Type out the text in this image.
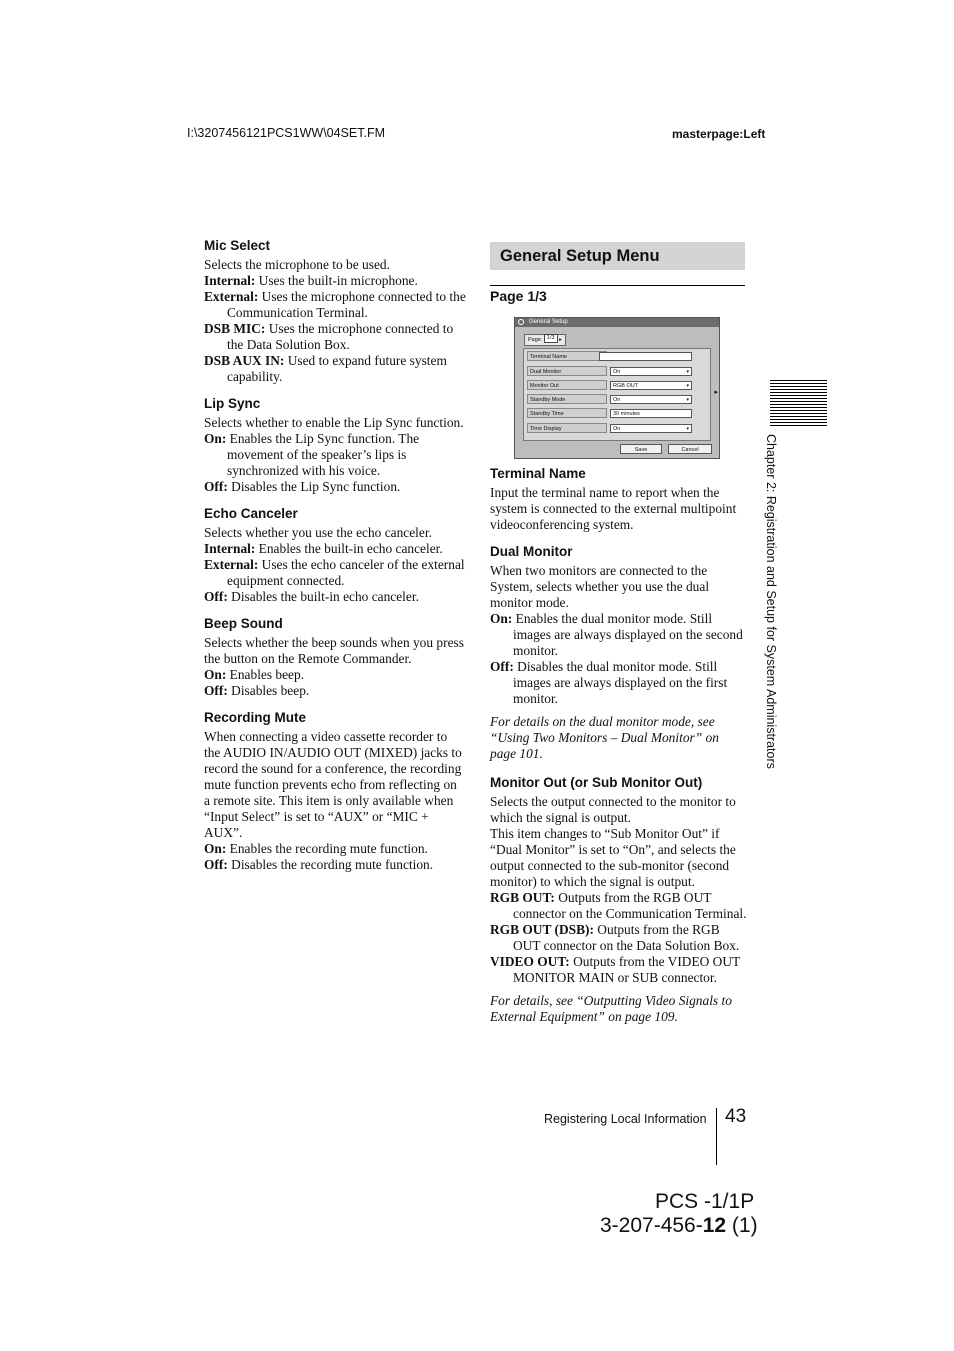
I:\3207456121PCS1WW\04SET.FM	masterpage:Left
Mic Select

Selects the microphone to be used.

Internal: Uses the built-in microphone.

External: Uses the microphone connected to the Communication Terminal.

DSB MIC: Uses the microphone connected to the Data Solution Box.

DSB AUX IN: Used to expand future system capability.

Lip Sync

Selects whether to enable the Lip Sync function.

On: Enables the Lip Sync function. The movement of the speaker’s lips is synchronized with his voice.

Off: Disables the Lip Sync function.

Echo Canceler

Selects whether you use the echo canceler.

Internal: Enables the built-in echo canceler.

External: Uses the echo canceler of the external equipment connected.

Off: Disables the built-in echo canceler.

Beep Sound

Selects whether the beep sounds when you press the button on the Remote Commander.

On: Enables beep.

Off: Disables beep.

Recording Mute

When connecting a video cassette recorder to the AUDIO IN/AUDIO OUT (MIXED) jacks to record the sound for a conference, the recording mute function prevents echo from reflecting on a remote site. This item is only available when “Input Select” is set to “AUX” or “MIC + AUX”.

On: Enables the recording mute function.

Off: Disables the recording mute function.

General Setup Menu
Page 1/3
General Setup
Page: 1/3 ▸
Terminal Name
Dual Monitor	On	▾
Monitor Out	RGB OUT	▾
Standby Mode	On	▾
Standby Time	30 minutes
Time Display	On	▾
▸
Save	Cancel
Terminal Name

Input the terminal name to report when the system is connected to the external multipoint videoconferencing system.

Dual Monitor

When two monitors are connected to the System, selects whether you use the dual monitor mode.

On: Enables the dual monitor mode. Still images are always displayed on the second monitor.

Off: Disables the dual monitor mode. Still images are always displayed on the first monitor.

For details on the dual monitor mode, see “Using Two Monitors – Dual Monitor” on page 101.

Monitor Out (or Sub Monitor Out)

Selects the output connected to the monitor to which the signal is output.

This item changes to “Sub Monitor Out” if “Dual Monitor” is set to “On”, and selects the output connected to the sub-monitor (second monitor) to which the signal is output.

RGB OUT: Outputs from the RGB OUT connector on the Communication Terminal.

RGB OUT (DSB): Outputs from the RGB OUT connector on the Data Solution Box.

VIDEO OUT: Outputs from the VIDEO OUT MONITOR MAIN or SUB connector.

For details, see “Outputting Video Signals to External Equipment” on page 109.

Chapter 2: Registration and Setup for System Administrators
Registering Local Information 43
PCS -1/1P
3-207-456-12 (1)
